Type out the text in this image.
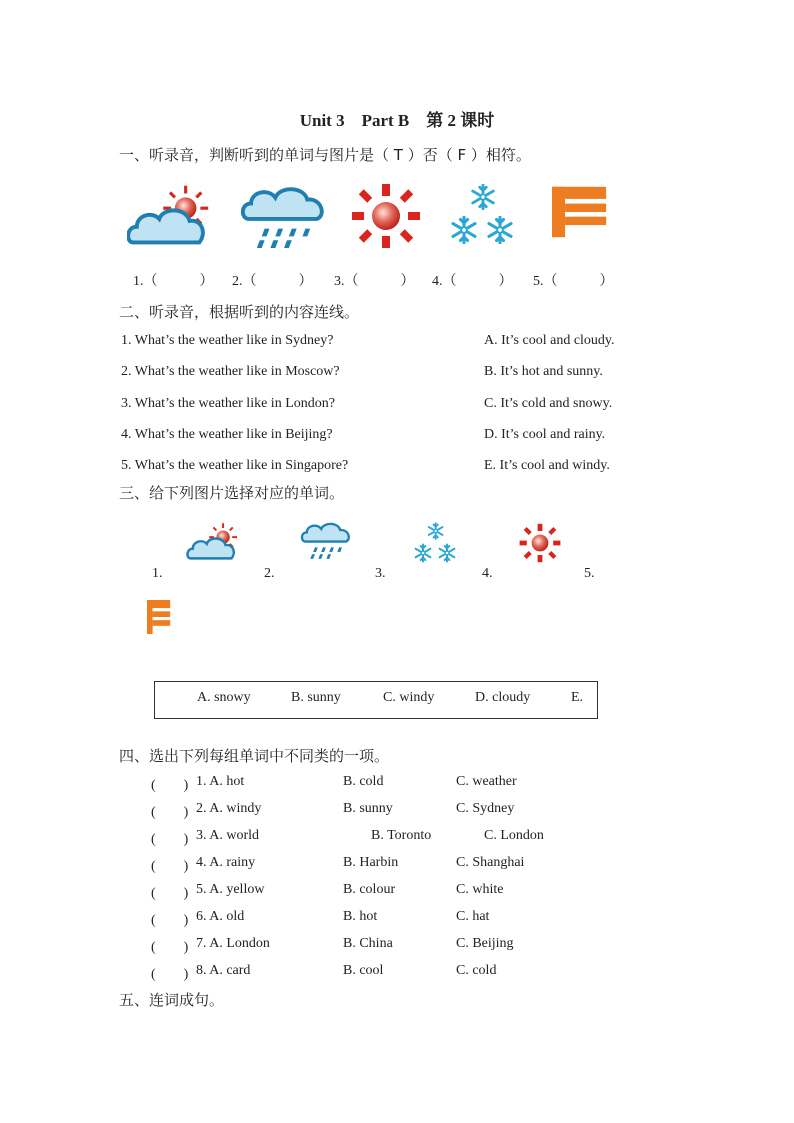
Unit 3　Part B　第 2 课时
一、听录音，判断听到的单词与图片是（ T ）否（ F ）相符。
1.（　　　） 2.（　　　） 3.（　　　） 4.（　　　） 5.（　　　）
二、听录音，根据听到的内容连线。
1. What’s the weather like in Sydney?
2. What’s the weather like in Moscow?
3. What’s the weather like in London?
4. What’s the weather like in Beijing?
5. What’s the weather like in Singapore?
A. It’s cool and cloudy.
B. It’s hot and sunny.
C. It’s cold and snowy.
D. It’s cool and rainy.
E. It’s cool and windy.
三、给下列图片选择对应的单词。
1.	2.	3.	4.	5.
A. snowy	B. sunny	C. windy	D. cloudy	E.
四、选出下列每组单词中不同类的一项。
(　　) 1. A. hot	B. cold	C. weather
(　　) 2. A. windy	B. sunny	C. Sydney
(　　) 3. A. world	B. Toronto	C. London
(　　) 4. A. rainy	B. Harbin	C. Shanghai
(　　) 5. A. yellow	B. colour	C. white
(　　) 6. A. old	B. hot	C. hat
(　　) 7. A. London	B. China	C. Beijing
(　　) 8. A. card	B. cool	C. cold
五、连词成句。
